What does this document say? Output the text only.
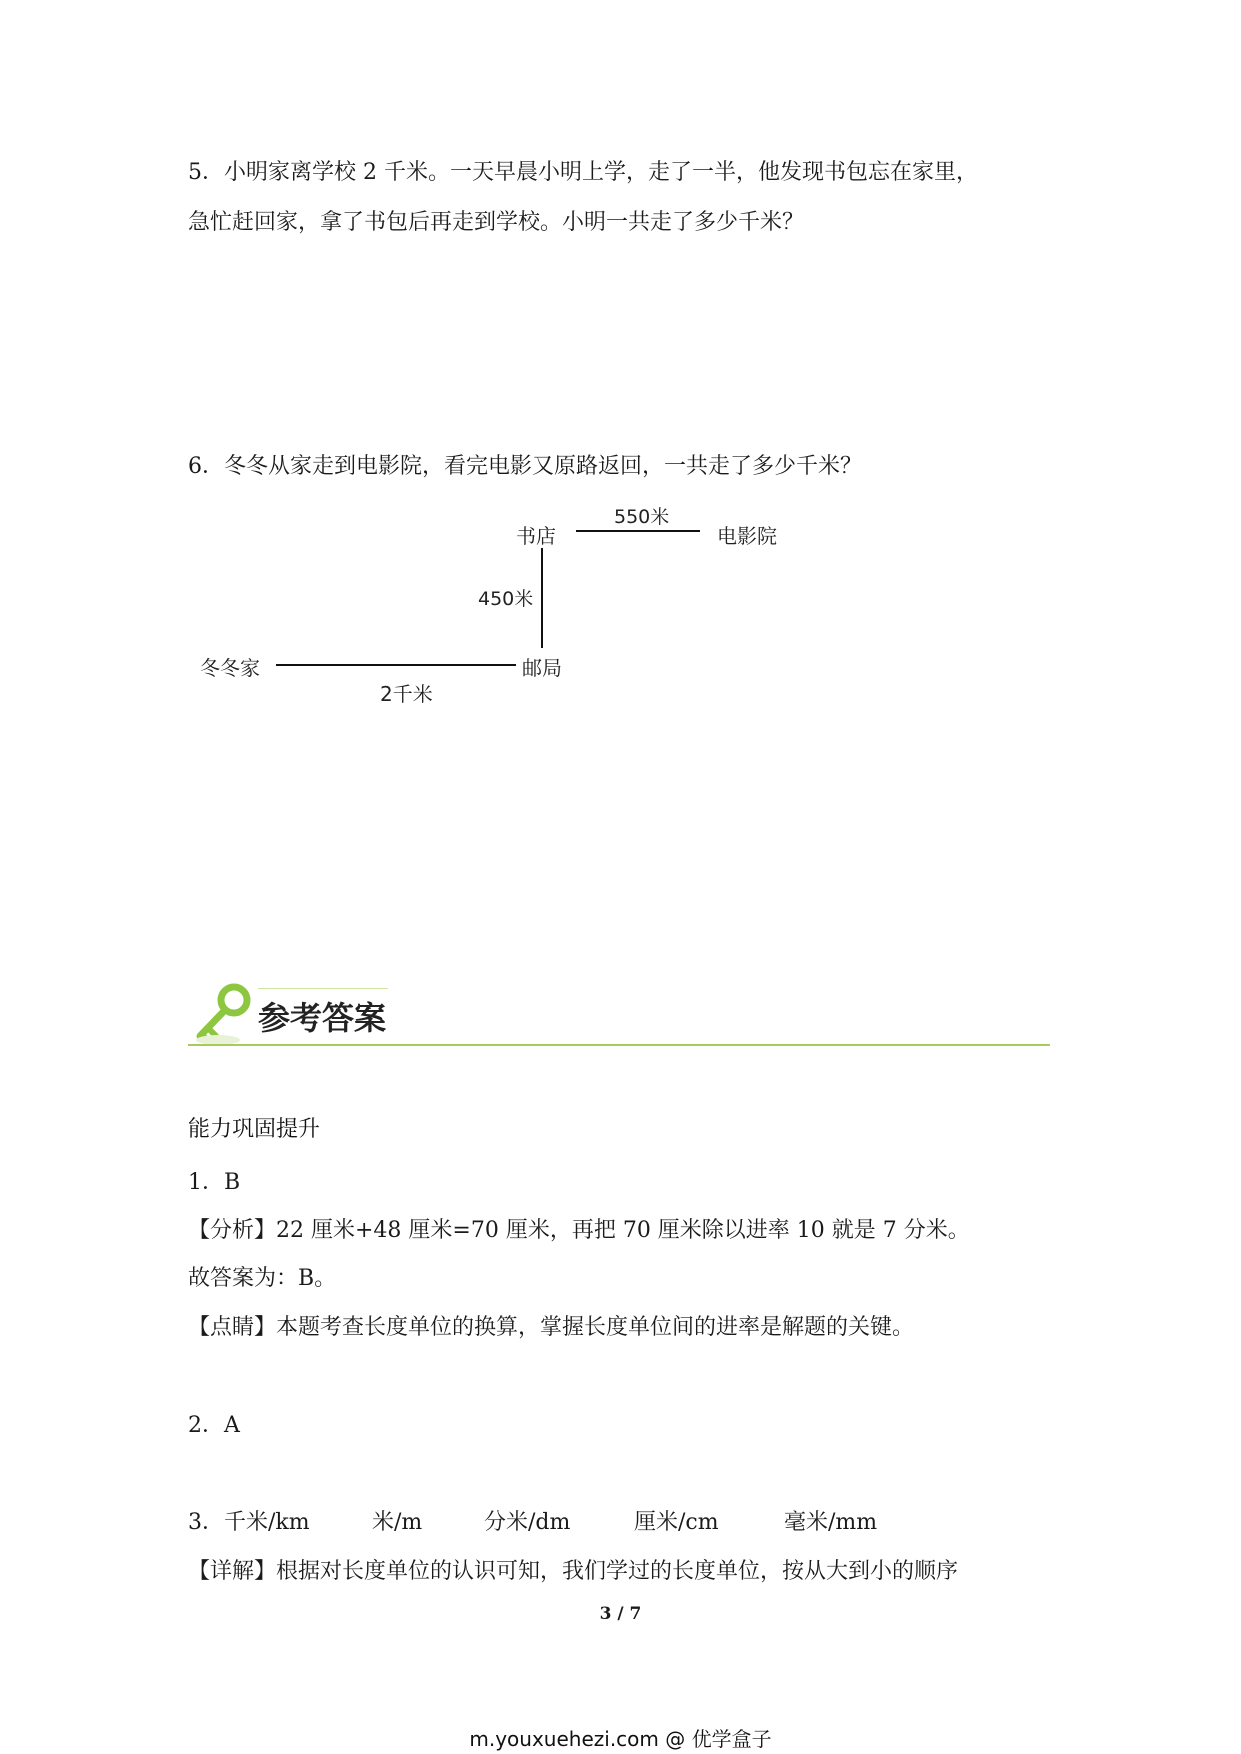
5．小明家离学校 2 千米。一天早晨小明上学，走了一半，他发现书包忘在家里，
急忙赶回家，拿了书包后再走到学校。小明一共走了多少千米？
6．冬冬从家走到电影院，看完电影又原路返回，一共走了多少千米？
书店
550米
电影院
450米
冬冬家	邮局
2千米
参考答案
能力巩固提升
1．B
【分析】22 厘米+48 厘米=70 厘米，再把 70 厘米除以进率 10 就是 7 分米。
故答案为：B。
【点睛】本题考查长度单位的换算，掌握长度单位间的进率是解题的关键。
2．A
3．千米/km	米/m	分米/dm	厘米/cm	毫米/mm
【详解】根据对长度单位的认识可知，我们学过的长度单位，按从大到小的顺序
3 / 7
m.youxuehezi.com @ 优学盒子
